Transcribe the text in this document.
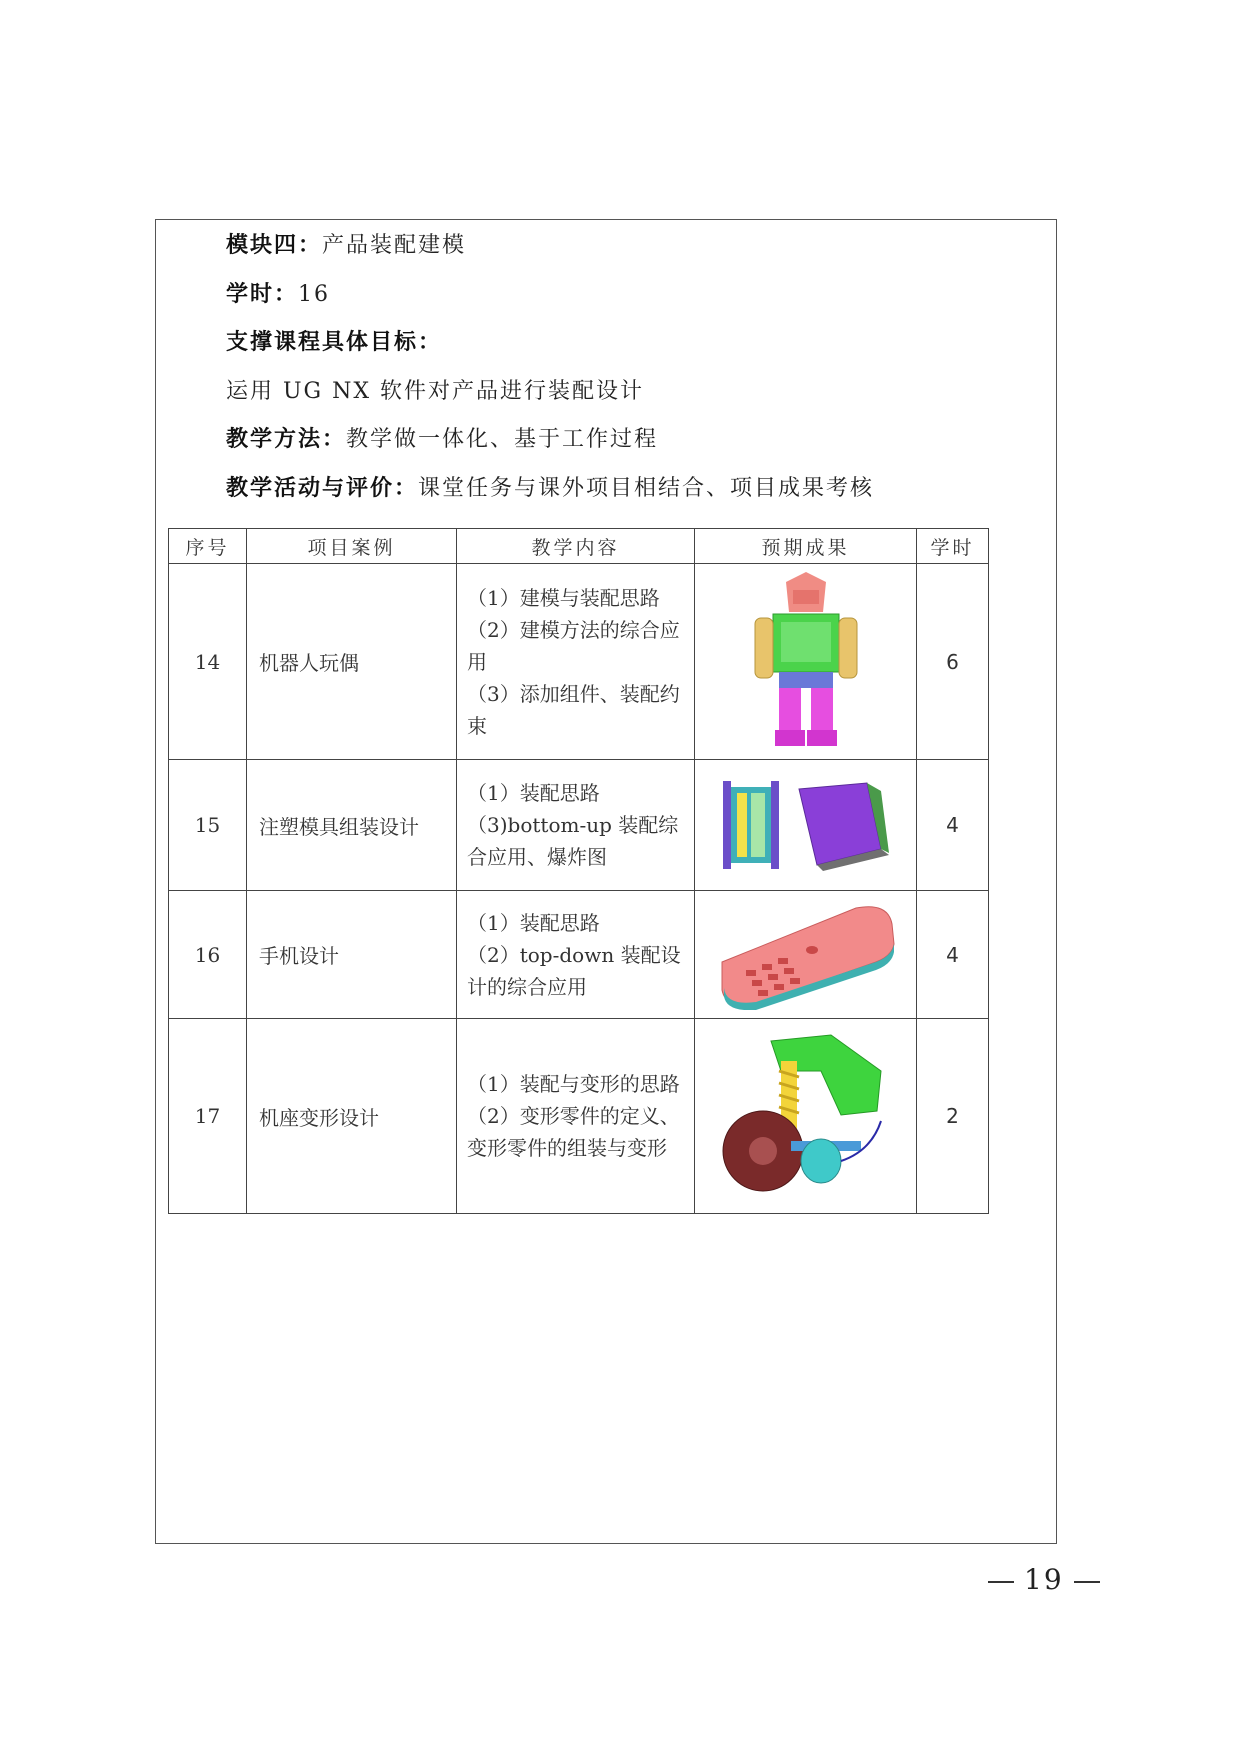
模块四：产品装配建模
学时：16
支撑课程具体目标：
运用 UG NX 软件对产品进行装配设计
教学方法：教学做一体化、基于工作过程
教学活动与评价：课堂任务与课外项目相结合、项目成果考核
序号	项目案例	教学内容	预期成果	学时
14	机器人玩偶	（1）建模与装配思路
（2）建模方法的综合应用
（3）添加组件、装配约束		6
15	注塑模具组装设计	（1）装配思路
（3)bottom-up 装配综合应用、爆炸图		4
16	手机设计	（1）装配思路
（2）top-down 装配设计的综合应用		4
17	机座变形设计	（1）装配与变形的思路
（2）变形零件的定义、变形零件的组装与变形		2
19
